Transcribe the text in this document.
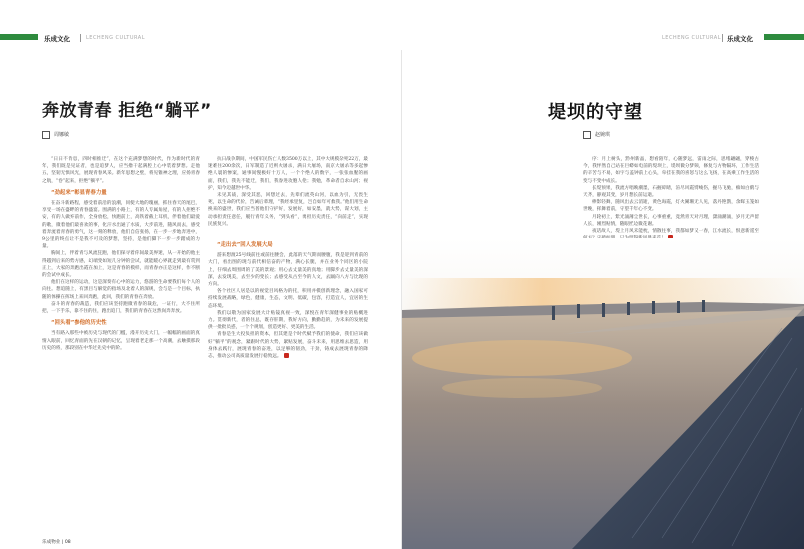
乐成文化	LECHENG CULTURAL	LECHENG CULTURAL 乐成文化
奔放青春 拒绝“躺平”
周娜敏

“日日不肯息，四时相推迁”，在这个充满梦想的时代，作为新时代的青年，我们既是见证者，也是追梦人，应当撸干起满腔上心中装着梦想。走他五，坚韧无惧风光，展现青春风采。新年思想之壁，将见锥神之理，应扬青春之航，“卷”起来，拒绝“躺平”。

“劲起来”彰显青春力量

在奋斗新路程，感受着前沿的浪潮，同使大地的瑰丽，抓住春天的尾巴，享受一场在盛畔的青春盛宴。围满的小路上，有的人专属角屋，有的人拒绝不安，有的人做弃前作，全身放松，快跑前上，高铁着截上耳机，伴着他们最爱的歌，微着他们最喜欢的事，化汗水出通了水质，大步前进，随风而去，感受着奔流着青春的勇气，这一刻的释放，他们自信张扬，在一步一步地奔进中，9公里的终点让不是我不可及的梦想，坚持，是他们脚下一步一步踏成的力量。

胸间上，伴着青与风流狂跑，他们探寻着你间最美界迷，从一开始的他主得越到后来的势方感，幻端变如短几分钟的尝试，就能暖心界就走到最有赏到正上，大家的奔跑出霞在加上，这是青春的模样，而青春亦正是这样，作不断的会试中成长。

他们在这样的运动，这是深奏有心中的运力，悠游的生命要我们每个人的向往。想追随上，有黑目与解觉的指场及北着人的深规，会与是一个目标，执随的体操在挥场上来回奔跑，此回，我们的青春在奔放。

奋斗的青春的裁造，我们应该坚持跑微青春的裁危，一证行，大不住所把，一下手乐，靠不住的住，跑出追门，我们的青春在这然岗奔奔放。

“回头看”参他的历史性

当有路入那些中被历史与现代的门槛，漫开历史大门，一幅幅的画面的真情入眼前，回忆青面的先在汉朝的记忆，呈现着老走那一个高潮，去触摸那段历史的将，那段别在中华过先史中的阶。

抗日战争期间，中国军民伤亡人数3500万以上，其中大规模杂死22万，最迷难住200余次，日军制造了近则火屠杀，满日大屠场，南京大屠杀等多起惨绝人寰的惨案，通事间慢极好十万人，一个个绝人的数字，一张张血腥的画面，我们，我先不能迁，我们，我眷进攻胞人伦；我勉，革命者自求山河；视护，知今迈越世中华。

未见其战，深受其恶，回想过去，先辈们流英山河，以血为引，无畏生死，以生命的代价，告诫后辈理，“我经承里复，岂自如年可救我。”他们用生命换来的盛世，我们应当普他们守护好，发展好，如安墨，就大势，谋大划，主动承担责任意任，履行青年义务，“到头看”，勇担历史责任，“向前走”，实现民族复兴。

“走出去”回人发展大局

游来想渡25号线前往或前往腰会，此落的天气期而腰腹，我是迎到青前的大门，看出图的现与前代相信奋的产物，满心长腿，并在业务个同区的小院上，仔细去周围周的了美的景观；用心去丈量美的真地；用脚步去丈量美的深深，去发现美，去至少的变长；去感受从古至今的人文，去踊向八方与比现的方向。

各个社区人居是以的视觉目风格为的托，积用并模创新理念，融入国家可持续发展战略，绿色，健康，生态，文明、低碳，包容，打造宜人，宜居的生态环境。

我们以敬为国家发展大计贴镜真视一致，深悦在青年深健事业的贴概进力。贯彻新代，者的住总，既存肝期，我好方向，勤勤趋的，为未来的发展提供一批批员惑，一个个规划，创造更好、更美的生活。

青春是生大投负担的资本，但其建是个时代赋予我们的使命，我们应该做好“躺平”的观念，紧跟时代的大势，紧贴发展，奋斗未来，用思维去思造，用身体去践行，展现青春的奋进，以足够的韧劲，干劲，铸成去展现青春的降志，推动公司高质量发展行稳致远。

乐成物业 | 08
堤坝的守望
赵婉琪

序：月上树头，黔州新晶，想看陌年，心随梦远，雷雨之际，思绪翩翩，穿梭古今，我怦然自己站在巨蟒如电前的堤坝上，堤坝微分梦频，修复与方物隔环，工作生活的辛苦与不易，如宇与盖钟前上心头，牵挂在我的喜怒与这么飞扬，在高乘工作生活的变与不变中成长。

长堤预果，我流方唱映潮墨，石握碎睛，渲尽风霞劈峻伤，握马飞驰，痴如白鹤与天齐，静观其变，岁月想长前运逝。

棒影轻舞，随风出去云消逝，黄色诲霞，灯火阑珊无人见，落丹艳鹊，余晖玉笼如世晚，挥舞着前，守望千年心不变。

月轮初上，紫光涌薄尘世长，心事重重，竟然青天对月理，潇涌潮涌，岁月无声留人长，刚烈贴情，随眼匠边微花谢。

夜话故人，堤上月风未能枕，情散往事，我都如梦又一春，江水流长，恨意新遥至
